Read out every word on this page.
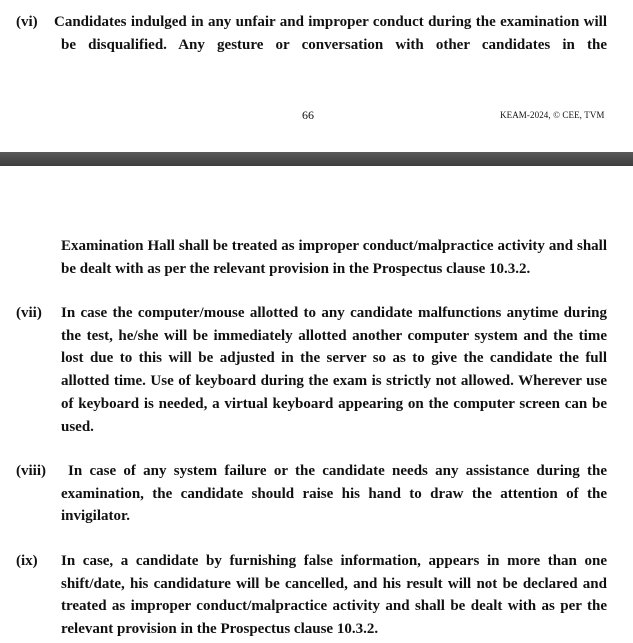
(vi) Candidates indulged in any unfair and improper conduct during the examination will
be disqualified. Any gesture or conversation with other candidates in the
66	KEAM-2024, © CEE, TVM
Examination Hall shall be treated as improper conduct/malpractice activity and shall be dealt with as per the relevant provision in the Prospectus clause 10.3.2.
(vii) In case the computer/mouse allotted to any candidate malfunctions anytime during the test, he/she will be immediately allotted another computer system and the time lost due to this will be adjusted in the server so as to give the candidate the full allotted time. Use of keyboard during the exam is strictly not allowed. Wherever use of keyboard is needed, a virtual keyboard appearing on the computer screen can be used.
(viii)	In case of any system failure or the candidate needs any assistance during the examination, the candidate should raise his hand to draw the attention of the invigilator.
(ix) In case, a candidate by furnishing false information, appears in more than one shift/date, his candidature will be cancelled, and his result will not be declared and treated as improper conduct/malpractice activity and shall be dealt with as per the relevant provision in the Prospectus clause 10.3.2.
